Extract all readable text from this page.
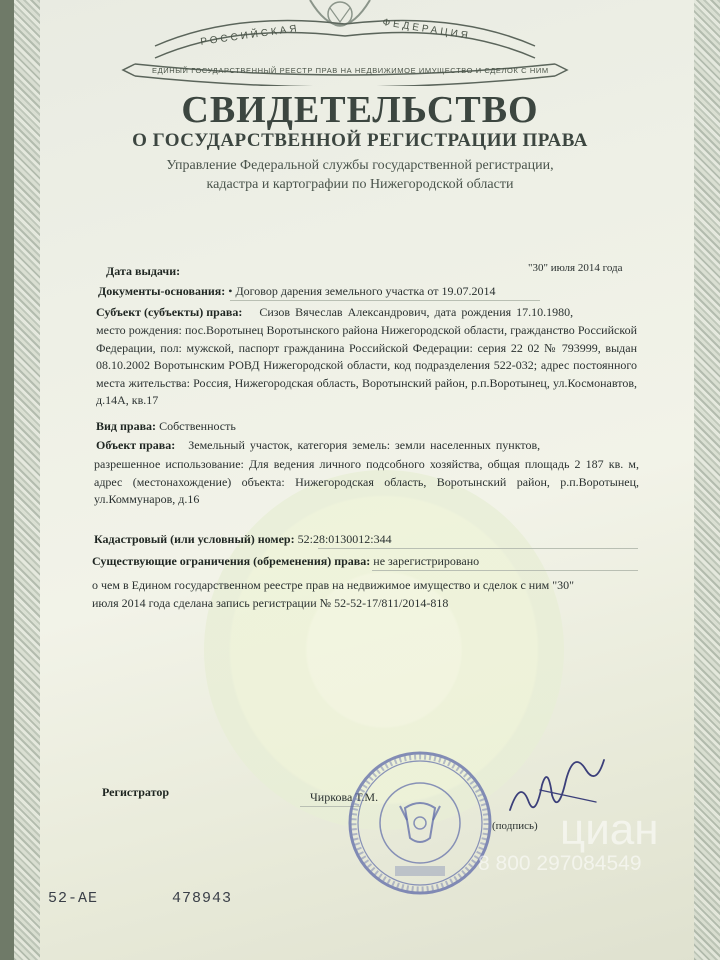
РОССИЙСКАЯ	ФЕДЕРАЦИЯ
ЕДИНЫЙ ГОСУДАРСТВЕННЫЙ РЕЕСТР ПРАВ НА НЕДВИЖИМОЕ ИМУЩЕСТВО И СДЕЛОК С НИМ
СВИДЕТЕЛЬСТВО
О ГОСУДАРСТВЕННОЙ РЕГИСТРАЦИИ ПРАВА
Управление Федеральной службы государственной регистрации,
кадастра и картографии по Нижегородской области
Дата выдачи:	"30" июля 2014 года
Документы-основания: • Договор дарения земельного участка от 19.07.2014
Субъект (субъекты) права: Сизов Вячеслав Александрович, дата рождения 17.10.1980,
место рождения: пос.Воротынец Воротынского района Нижегородской области, гражданство Российской Федерации, пол: мужской, паспорт гражданина Российской Федерации: серия 22 02 № 793999, выдан 08.10.2002 Воротынским РОВД Нижегородской области, код подразделения 522-032; адрес постоянного места жительства: Россия, Нижегородская область, Воротынский район, р.п.Воротынец, ул.Космонавтов, д.14А, кв.17
Вид права: Собственность
Объект права: Земельный участок, категория земель: земли населенных пунктов,
разрешенное использование: Для ведения личного подсобного хозяйства, общая площадь 2 187 кв. м, адрес (местонахождение) объекта: Нижегородская область, Воротынский район, р.п.Воротынец, ул.Коммунаров, д.16
Кадастровый (или условный) номер: 52:28:0130012:344
Существующие ограничения (обременения) права: не зарегистрировано
о чем в Едином государственном реестре прав на недвижимое имущество и сделок с ним "30"
июля 2014 года сделана запись регистрации № 52-52-17/811/2014-818
Регистратор	Чиркова Т.М.
(подпись)
52-АЕ	478943
циан
8 800 297084549
